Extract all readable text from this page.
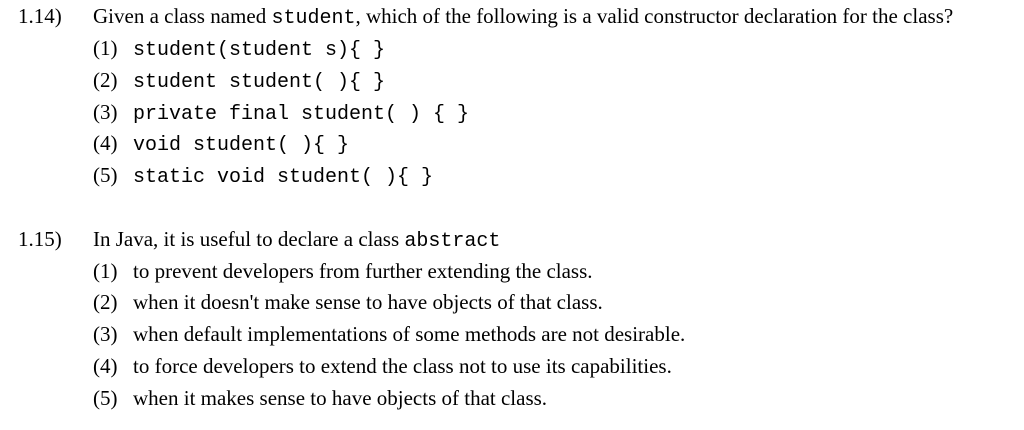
1.14) Given a class named student, which of the following is a valid constructor declaration for the class?
(1) student(student s){ }
(2) student student( ){ }
(3) private final student( ) { }
(4) void student( ){ }
(5) static void student( ){ }
1.15) In Java, it is useful to declare a class abstract
(1) to prevent developers from further extending the class.
(2) when it doesn't make sense to have objects of that class.
(3) when default implementations of some methods are not desirable.
(4) to force developers to extend the class not to use its capabilities.
(5) when it makes sense to have objects of that class.
